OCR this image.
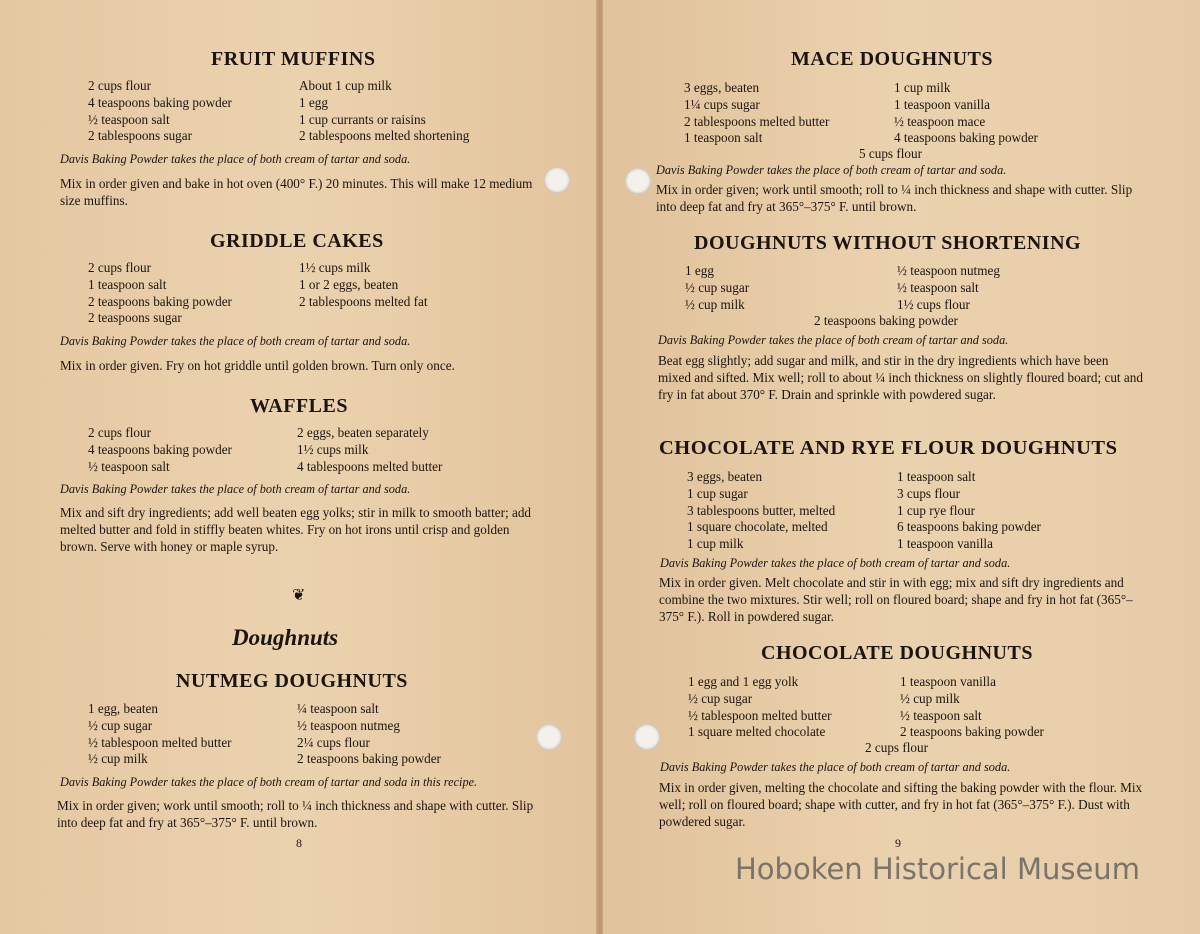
FRUIT MUFFINS
2 cups flour
4 teaspoons baking powder
½ teaspoon salt
2 tablespoons sugar
About 1 cup milk
1 egg
1 cup currants or raisins
2 tablespoons melted shortening
Davis Baking Powder takes the place of both cream of tartar and soda.
Mix in order given and bake in hot oven (400° F.) 20 minutes. This will make 12 medium size muffins.
GRIDDLE CAKES
2 cups flour
1 teaspoon salt
2 teaspoons baking powder
2 teaspoons sugar
1½ cups milk
1 or 2 eggs, beaten
2 tablespoons melted fat
Davis Baking Powder takes the place of both cream of tartar and soda.
Mix in order given. Fry on hot griddle until golden brown. Turn only once.
WAFFLES
2 cups flour
4 teaspoons baking powder
½ teaspoon salt
2 eggs, beaten separately
1½ cups milk
4 tablespoons melted butter
Davis Baking Powder takes the place of both cream of tartar and soda.
Mix and sift dry ingredients; add well beaten egg yolks; stir in milk to smooth batter; add melted butter and fold in stiffly beaten whites. Fry on hot irons until crisp and golden brown. Serve with honey or maple syrup.
❦
Doughnuts
NUTMEG DOUGHNUTS
1 egg, beaten
½ cup sugar
½ tablespoon melted butter
½ cup milk
¼ teaspoon salt
½ teaspoon nutmeg
2¼ cups flour
2 teaspoons baking powder
Davis Baking Powder takes the place of both cream of tartar and soda in this recipe.
Mix in order given; work until smooth; roll to ¼ inch thickness and shape with cutter. Slip into deep fat and fry at 365°–375° F. until brown.
8
MACE DOUGHNUTS
3 eggs, beaten
1¼ cups sugar
2 tablespoons melted butter
1 teaspoon salt
1 cup milk
1 teaspoon vanilla
½ teaspoon mace
4 teaspoons baking powder
5 cups flour
Davis Baking Powder takes the place of both cream of tartar and soda.
Mix in order given; work until smooth; roll to ¼ inch thickness and shape with cutter. Slip into deep fat and fry at 365°–375° F. until brown.
DOUGHNUTS WITHOUT SHORTENING
1 egg
½ cup sugar
½ cup milk
½ teaspoon nutmeg
½ teaspoon salt
1½ cups flour
2 teaspoons baking powder
Davis Baking Powder takes the place of both cream of tartar and soda.
Beat egg slightly; add sugar and milk, and stir in the dry ingredients which have been mixed and sifted. Mix well; roll to about ¼ inch thickness on slightly floured board; cut and fry in fat about 370° F. Drain and sprinkle with powdered sugar.
CHOCOLATE AND RYE FLOUR DOUGHNUTS
3 eggs, beaten
1 cup sugar
3 tablespoons butter, melted
1 square chocolate, melted
1 cup milk
1 teaspoon salt
3 cups flour
1 cup rye flour
6 teaspoons baking powder
1 teaspoon vanilla
Davis Baking Powder takes the place of both cream of tartar and soda.
Mix in order given. Melt chocolate and stir in with egg; mix and sift dry ingredients and combine the two mixtures. Stir well; roll on floured board; shape and fry in hot fat (365°–375° F.). Roll in powdered sugar.
CHOCOLATE DOUGHNUTS
1 egg and 1 egg yolk
½ cup sugar
½ tablespoon melted butter
1 square melted chocolate
1 teaspoon vanilla
½ cup milk
½ teaspoon salt
2 teaspoons baking powder
2 cups flour
Davis Baking Powder takes the place of both cream of tartar and soda.
Mix in order given, melting the chocolate and sifting the baking powder with the flour. Mix well; roll on floured board; shape with cutter, and fry in hot fat (365°–375° F.). Dust with powdered sugar.
9
Hoboken Historical Museum
